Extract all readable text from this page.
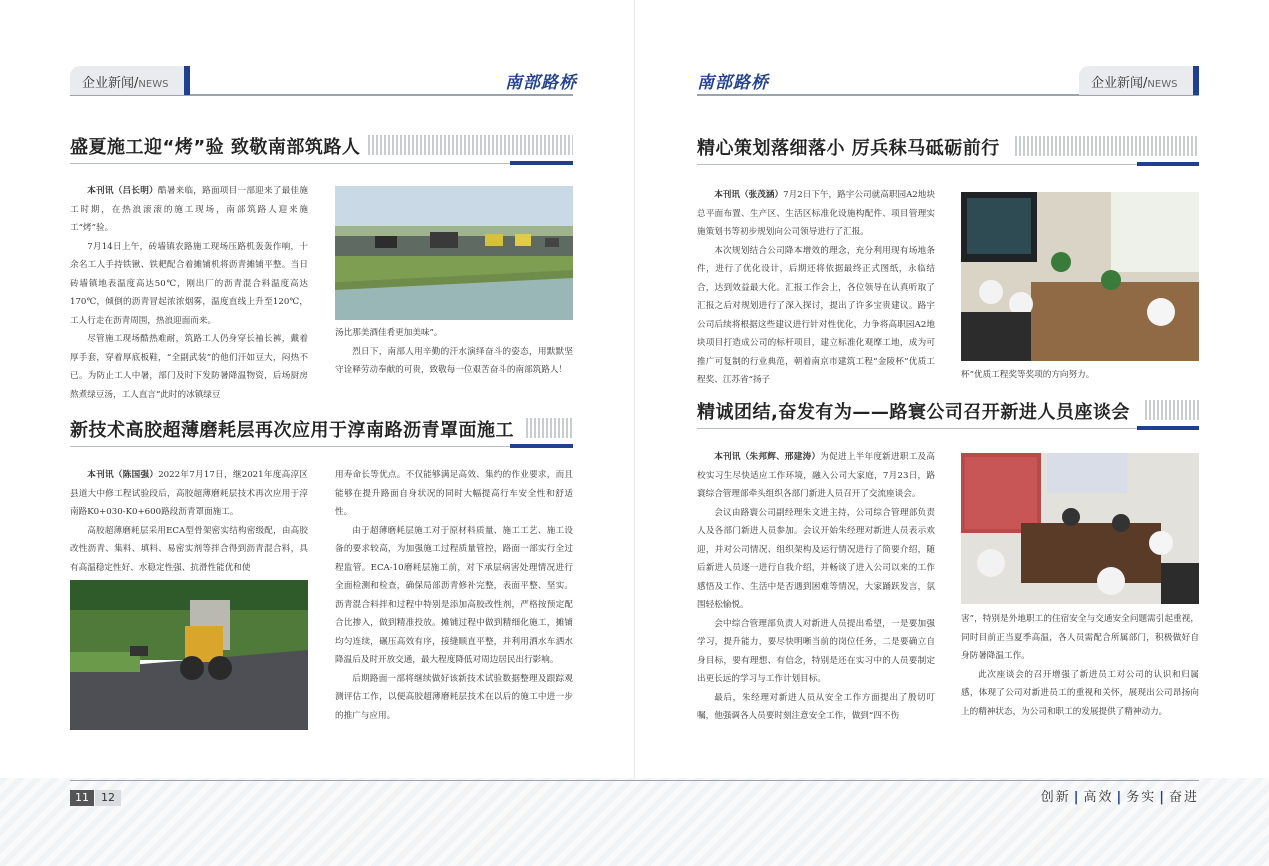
企业新闻/NEWS	南部路桥
盛夏施工迎“烤”验 致敬南部筑路人

本刊讯（吕长明）酷暑来临，路面项目一部迎来了最佳施工时期，在热浪滚滚的施工现场，南部筑路人迎来施工“烤”验。

7月14日上午，砖墙镇农路施工现场压路机轰轰作响，十余名工人手持铁锹、铁耙配合着摊铺机将沥青摊铺平整。当日砖墙镇地表温度高达50℃，刚出厂的沥青混合料温度高达170℃，倾倒的沥青冒起浓浓烟雾，温度直线上升至120℃，工人行走在沥青周围，热浪迎面而来。

尽管施工现场酷热难耐，筑路工人仍身穿长袖长裤，戴着厚手套，穿着厚底板鞋，“全副武装”的他们汗如豆大，闷热不已。为防止工人中暑，部门及时下发防暑降温物资，后场厨房熬煮绿豆汤，工人直言“此时的冰镇绿豆

汤比那美酒佳肴更加美味”。

烈日下，南部人用辛勤的汗水演绎奋斗的姿态，用默默坚守诠释劳动奉献的可贵，致敬每一位艰苦奋斗的南部筑路人！

新技术高胶超薄磨耗层再次应用于淳南路沥青罩面施工

本刊讯（陈国强）2022年7月17日，继2021年度高淳区县道大中修工程试验段后，高胶超薄磨耗层技术再次应用于淳南路K0+030-K0+600路段沥青罩面施工。

高胶超薄磨耗层采用ECA型骨架密实结构密级配，由高胶改性沥青、集料、填料、易密实剂等拌合得到沥青混合料，具有高温稳定性好、水稳定性强、抗滑性能优和使

用寿命长等优点。不仅能够满足高效、集约的作业要求，而且能够在提升路面自身状况的同时大幅提高行车安全性和舒适性。

由于超薄磨耗层施工对于原材料质量、施工工艺、施工设备的要求较高，为加强施工过程质量管控，路面一部实行全过程监管。ECA-10磨耗层施工前，对下承层病害处理情况进行全面检测和检查，确保局部沥青修补完整，表面平整、坚实。沥青混合料拌和过程中特别是添加高胶改性剂，严格按预定配合比掺入，做到精准投放。摊铺过程中做到精细化施工，摊铺均匀连续，碾压高效有序，接缝顺直平整，并利用洒水车洒水降温后及时开放交通，最大程度降低对周边居民出行影响。

后期路面一部将继续做好该新技术试验数据整理及跟踪观测评估工作，以便高胶超薄磨耗层技术在以后的施工中进一步的推广与应用。

南部路桥	企业新闻/NEWS
精心策划落细落小 厉兵秣马砥砺前行

本刊讯（张茂涵）7月2日下午，路宇公司就高职园A2地块总平面布置、生产区、生活区标准化设施构配件、项目管理实施策划书等初步规划向公司领导进行了汇报。

本次规划结合公司降本增效的理念，充分利用现有场地条件，进行了优化设计，后期还将依据最终正式图纸，永临结合，达到效益最大化。汇报工作会上，各位领导在认真听取了汇报之后对规划进行了深入探讨，提出了许多宝贵建议。路宇公司后续将根据这些建议进行针对性优化，力争将高职园A2地块项目打造成公司的标杆项目，建立标准化观摩工地，成为可推广可复制的行业典范，朝着南京市建筑工程“金陵杯”优质工程奖、江苏省“扬子	杯”优质工程奖等奖项的方向努力。

精诚团结,奋发有为——路寰公司召开新进人员座谈会

本刊讯（朱邦辉、邢建涛）为促进上半年度新进职工及高校实习生尽快适应工作环境，融入公司大家庭，7月23日，路寰综合管理部牵头组织各部门新进人员召开了交流座谈会。

会议由路寰公司副经理朱文进主持，公司综合管理部负责人及各部门新进人员参加。会议开始朱经理对新进人员表示欢迎，并对公司情况、组织架构及运行情况进行了简要介绍，随后新进人员逐一进行自我介绍，并畅谈了进入公司以来的工作感悟及工作、生活中是否遇到困难等情况，大家踊跃发言，氛围轻松愉悦。

会中综合管理部负责人对新进人员提出希望，一是要加强学习，提升能力，要尽快明晰当前的岗位任务，二是要确立自身目标，要有理想、有信念，特别是还在实习中的人员要制定出更长远的学习与工作计划目标。

最后，朱经理对新进人员从安全工作方面提出了殷切叮嘱，他强调各人员要时刻注意安全工作，做到“四不伤

害”，特别是外地职工的住宿安全与交通安全问题需引起重视，同时目前正当夏季高温，各人员需配合所属部门，积极做好自身防暑降温工作。

此次座谈会的召开增强了新进员工对公司的认识和归属感，体现了公司对新进员工的重视和关怀，展现出公司昂扬向上的精神状态，为公司和职工的发展提供了精神动力。

11	12	创新 | 高效 | 务实 | 奋进
